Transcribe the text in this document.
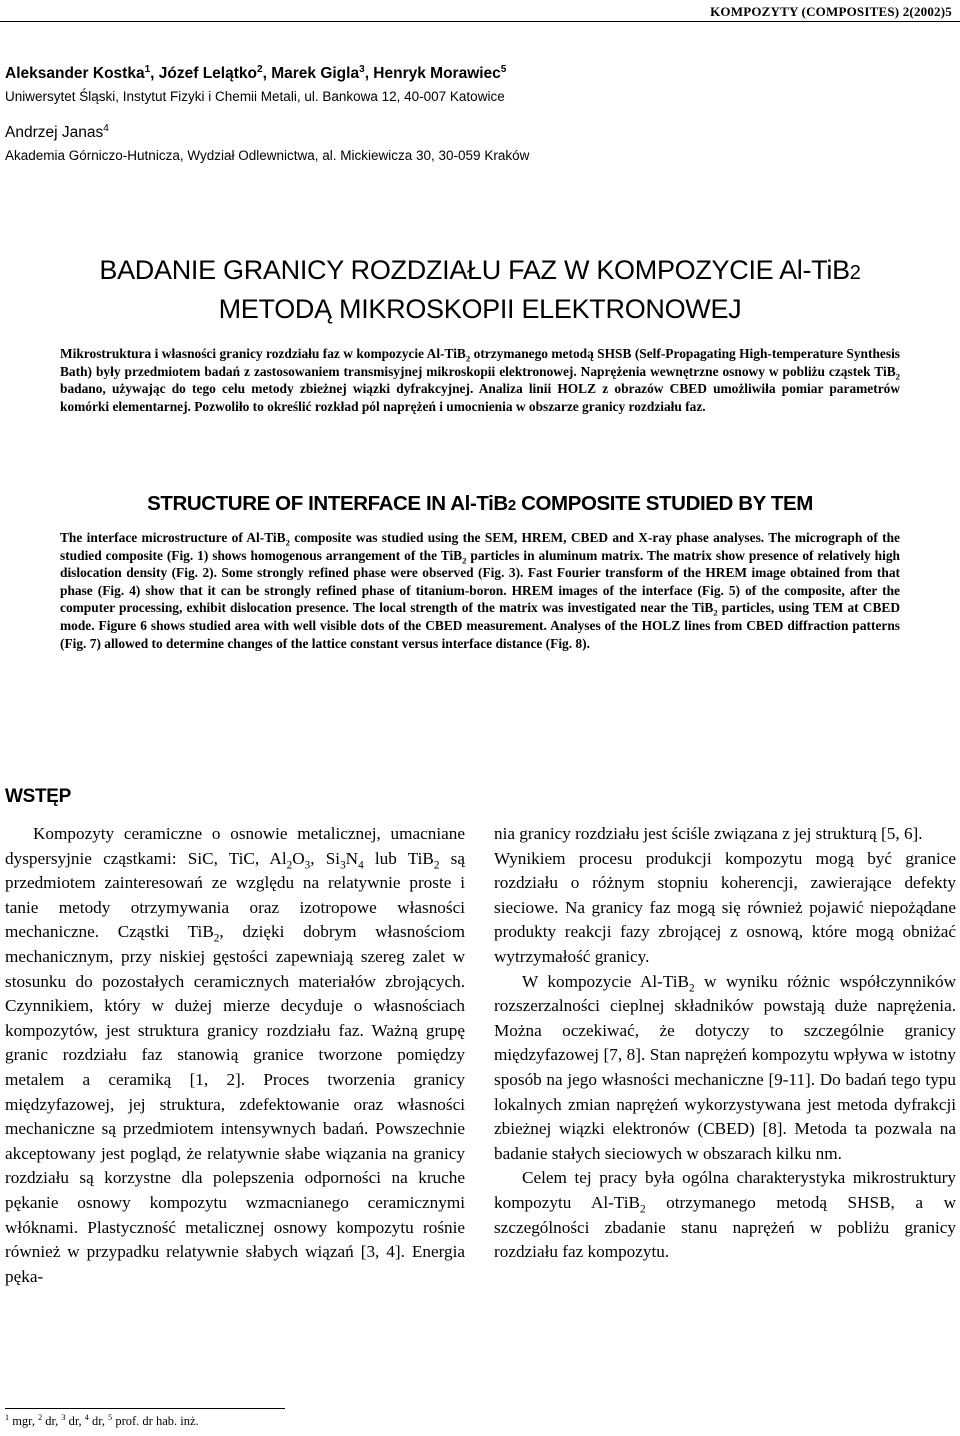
KOMPOZYTY (COMPOSITES) 2(2002)5

Aleksander Kostka$^1$, Józef Lelątko$^2$, Marek Gigla$^3$, Henryk Morawiec$^5$

Uniwersytet Śląski, Instytut Fizyki i Chemii Metali, ul. Bankowa 12, 40-007 Katowice

Andrzej Janas$^4$

Akademia Górniczo-Hutnicza, Wydział Odlewnictwa, al. Mickiewicza 30, 30-059 Kraków

BADANIE GRANICY ROZDZIAŁU FAZ W KOMPOZYCIE Al-TiB2
METODĄ MIKROSKOPII ELEKTRONOWEJ
Mikrostruktura i własności granicy rozdziału faz w kompozycie Al-TiB$_2$ otrzymanego metodą SHSB (Self-Propagating High-temperature Synthesis Bath) były przedmiotem badań z zastosowaniem transmisyjnej mikroskopii elektronowej. Naprężenia wewnętrzne osnowy w pobliżu cząstek TiB$_2$ badano, używając do tego celu metody zbieżnej wiązki dyfrakcyjnej. Analiza linii HOLZ z obrazów CBED umożliwiła pomiar parametrów komórki elementarnej. Pozwoliło to określić rozkład pól naprężeń i umocnienia w obszarze granicy rozdziału faz.
STRUCTURE OF INTERFACE IN Al-TiB2 COMPOSITE STUDIED BY TEM
The interface microstructure of Al-TiB$_2$ composite was studied using the SEM, HREM, CBED and X-ray phase analyses. The micrograph of the studied composite (Fig. 1) shows homogenous arrangement of the TiB$_2$ particles in aluminum matrix. The matrix show presence of relatively high dislocation density (Fig. 2). Some strongly refined phase were observed (Fig. 3). Fast Fourier transform of the HREM image obtained from that phase (Fig. 4) show that it can be strongly refined phase of titanium-boron. HREM images of the interface (Fig. 5) of the composite, after the computer processing, exhibit dislocation presence. The local strength of the matrix was investigated near the TiB$_2$ particles, using TEM at CBED mode. Figure 6 shows studied area with well visible dots of the CBED measurement. Analyses of the HOLZ lines from CBED diffraction patterns (Fig. 7) allowed to determine changes of the lattice constant versus interface distance (Fig. 8).
WSTĘP

Kompozyty ceramiczne o osnowie metalicznej, umacniane dyspersyjnie cząstkami: SiC, TiC, $Al_2O_3$, $Si_3N_4$ lub TiB$_2$ są przedmiotem zainteresowań ze względu na relatywnie proste i tanie metody otrzymywania oraz izotropowe własności mechaniczne. Cząstki TiB$_2$, dzięki dobrym własnościom mechanicznym, przy niskiej gęstości zapewniają szereg zalet w stosunku do pozostałych ceramicznych materiałów zbrojących. Czynnikiem, który w dużej mierze decyduje o własnościach kompozytów, jest struktura granicy rozdziału faz. Ważną grupę granic rozdziału faz stanowią granice tworzone pomiędzy metalem a ceramiką [1, 2]. Proces tworzenia granicy międzyfazowej, jej struktura, zdefektowanie oraz własności mechaniczne są przedmiotem intensywnych badań. Powszechnie akceptowany jest pogląd, że relatywnie słabe wiązania na granicy rozdziału są korzystne dla polepszenia odporności na kruche pękanie osnowy kompozytu wzmacnianego ceramicznymi włóknami. Plastyczność metalicznej osnowy kompozytu rośnie również w przypadku relatywnie słabych wiązań [3, 4]. Energia pęka-

nia granicy rozdziału jest ściśle związana z jej strukturą [5, 6].

Wynikiem procesu produkcji kompozytu mogą być granice rozdziału o różnym stopniu koherencji, zawierające defekty sieciowe. Na granicy faz mogą się również pojawić niepożądane produkty reakcji fazy zbrojącej z osnową, które mogą obniżać wytrzymałość granicy.

W kompozycie Al-TiB$_2$ w wyniku różnic współczynników rozszerzalności cieplnej składników powstają duże naprężenia. Można oczekiwać, że dotyczy to szczególnie granicy międzyfazowej [7, 8]. Stan naprężeń kompozytu wpływa w istotny sposób na jego własności mechaniczne [9-11]. Do badań tego typu lokalnych zmian naprężeń wykorzystywana jest metoda dyfrakcji zbieżnej wiązki elektronów (CBED) [8]. Metoda ta pozwala na badanie stałych sieciowych w obszarach kilku nm.

Celem tej pracy była ogólna charakterystyka mikrostruktury kompozytu Al-TiB$_2$ otrzymanego metodą SHSB, a w szczególności zbadanie stanu naprężeń w pobliżu granicy rozdziału faz kompozytu.

$^1$ mgr, $^2$ dr, $^3$ dr, $^4$ dr, $^5$ prof. dr hab. inż.
